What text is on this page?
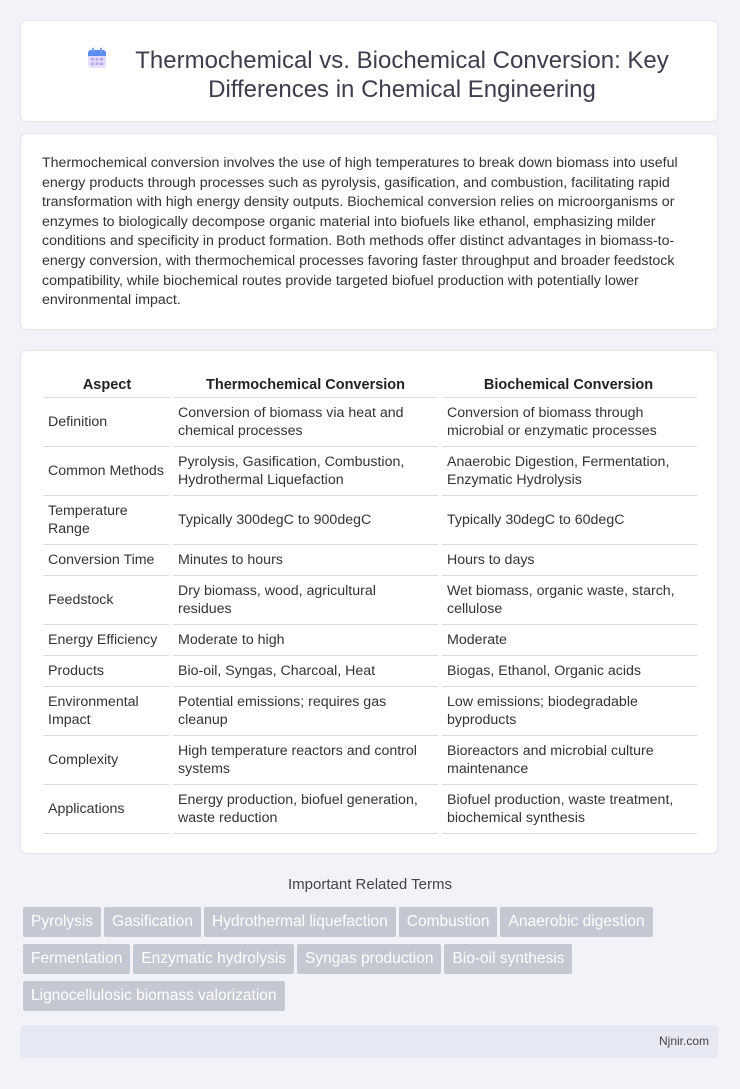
Thermochemical vs. Biochemical Conversion: Key Differences in Chemical Engineering
Thermochemical conversion involves the use of high temperatures to break down biomass into useful energy products through processes such as pyrolysis, gasification, and combustion, facilitating rapid transformation with high energy density outputs. Biochemical conversion relies on microorganisms or enzymes to biologically decompose organic material into biofuels like ethanol, emphasizing milder conditions and specificity in product formation. Both methods offer distinct advantages in biomass-to-energy conversion, with thermochemical processes favoring faster throughput and broader feedstock compatibility, while biochemical routes provide targeted biofuel production with potentially lower environmental impact.
Aspect	Thermochemical Conversion	Biochemical Conversion
Definition	Conversion of biomass via heat and chemical processes	Conversion of biomass through microbial or enzymatic processes
Common Methods	Pyrolysis, Gasification, Combustion, Hydrothermal Liquefaction	Anaerobic Digestion, Fermentation, Enzymatic Hydrolysis
Temperature Range	Typically 300degC to 900degC	Typically 30degC to 60degC
Conversion Time	Minutes to hours	Hours to days
Feedstock	Dry biomass, wood, agricultural residues	Wet biomass, organic waste, starch, cellulose
Energy Efficiency	Moderate to high	Moderate
Products	Bio-oil, Syngas, Charcoal, Heat	Biogas, Ethanol, Organic acids
Environmental Impact	Potential emissions; requires gas cleanup	Low emissions; biodegradable byproducts
Complexity	High temperature reactors and control systems	Bioreactors and microbial culture maintenance
Applications	Energy production, biofuel generation, waste reduction	Biofuel production, waste treatment, biochemical synthesis
Important Related Terms
Pyrolysis Gasification Hydrothermal liquefaction Combustion Anaerobic digestionFermentation Enzymatic hydrolysis Syngas production Bio-oil synthesisLignocellulosic biomass valorization
Njnir.com
